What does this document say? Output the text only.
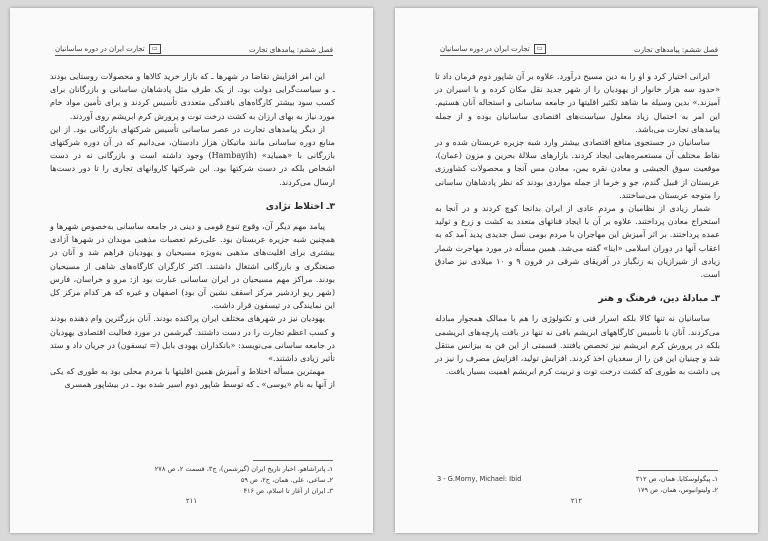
فصل ششم: پیامدهای تجارت
▭
تجارت ایران در دوره ساسانیان

این امر افزایش تقاضا در شهرها ـ که بازار خرید کالاها و محصولات روستایی بودند ـ و سیاست‌گرایی دولت بود. از یک طرف مثل پادشاهان ساسانی و بازرگانان برای کسب سود بیشتر کارگاه‌های بافندگی متعددی تأسیس کردند و برای تأمین مواد خام مورد نیاز به بهای ارزان به کشت درخت توت و پرورش کرم ابریشم روی آوردند.

از دیگر پیامدهای تجارت در عصر ساسانی تأسیس شرکتهای بازرگانی بود. از این منابع دوره ساسانی مانند ماتیکان هزار دادستان، می‌دانیم که در آن دوره شرکتهای بازرگانی با «همباید» (Hambayih) وجود داشته است و بازرگانی نه در دست اشخاص بلکه در دست شرکتها بود. این شرکتها کاروانهای تجاری را تا دور دست‌ها ارسال می‌کردند.

۳ـ اختلاط نژادی

پیامد مهم دیگر آن، وقوع تنوع قومی و دینی در جامعه ساسانی به‌خصوص شهرها و همچنین شبه جزیره عربستان بود. علی‌رغم تعصبات مذهبی موبدان در شهرها آزادی بیشتری برای اقلیت‌های مذهبی به‌ویژه مسیحیان و یهودیان فراهم شد و آنان در صنعتگری و بازرگانی اشتغال داشتند. اکثر کارگران کارگاه‌های شاهی از مسیحیان بودند. مراکز مهم مسیحیان در ایران ساسانی عبارت بود از: مرو و خراسان، فارس (شهر ریو اردشیر مرکز اسقف نشین آن بود) اصفهان و غیره که هر کدام مرکز کل این نمایندگی در تیسفون قرار داشت.

یهودیان نیز در شهرهای مختلف ایران پراکنده بودند. آنان بزرگترین وام دهنده بودند و کسب اعظم تجارت را در دست داشتند. گیرشمن در مورد فعالیت اقتصادی یهودیان در جامعه ساسانی می‌نویسد: «بانکداران یهودی بابل (= تیسفون) در جریان داد و ستد تأثیر زیادی داشتند.»

مهمترین مسأله اختلاط و آمیزش همین اقلیتها با مردم محلی بود به طوری که یکی از آنها به نام «یوسی» ـ که توسط شاپور دوم اسیر شده بود ـ در بیشاپور همسری

۱ـ پاتراشاهو. اخبار تاریخ ایران (گیرشمن)، ج۳، قسمت ۲، ص ۲۷۸
۲ـ ساعی، علی. همان، ج۲، ص ۵۹
۳ـ ایران از آغاز تا اسلام، ص ۴۱۶
۲۱۱
فصل ششم: پیامدهای تجارت
▭
تجارت ایران در دوره ساسانیان

ایرانی اختیار کرد و او را به دین مسیح درآورد. علاوه بر آن شاپور دوم فرمان داد تا «حدود سه هزار خانوار از یهودیان را از شهر جدید نقل مکان کرده و با اسیران در آمیزند.» بدین وسیله ما شاهد تکثیر اقلیتها در جامعه ساسانی و استحاله آنان هستیم. این امر به احتمال زیاد معلول سیاست‌های اقتصادی ساسانیان بوده و از جمله پیامدهای تجارت می‌باشد.

ساسانیان در جستجوی منافع اقتصادی بیشتر وارد شبه جزیره عربستان شده و در نقاط مختلف آن مستعمره‌هایی ایجاد کردند. بازارهای سلالهٔ بحرین و مزون (عمان)، موقعیت سوق الجیشی و معادن نقره یمن، معادن مس آنجا و محصولات کشاورزی عربستان از قبیل گندم، جو و خرما از جمله مواردی بودند که نظر پادشاهان ساسانی را متوجه عربستان می‌ساختند.

شمار زیادی از نظامیان و مردم عادی از ایران بدانجا کوچ کردند و در آنجا به استخراج معادن پرداختند. علاوه بر آن با ایجاد قناتهای متعدد به کشت و زرع و تولید عمده پرداختند. بر اثر آمیزش این مهاجران با مردم بومی نسل جدیدی پدید آمد که به اعقاب آنها در دوران اسلامی «ابنا» گفته می‌شد. همین مسأله در مورد مهاجرت شمار زیادی از شیرازیان به زنگبار در آفریقای شرقی در قرون ۹ و ۱۰ میلادی نیز صادق است.

۳ـ مبادلهٔ دین، فرهنگ و هنر

ساسانیان نه تنها کالا بلکه اسرار فنی و تکنولوژی را هم با ممالک همجوار مبادله می‌کردند. آنان با تأسیس کارگاههای ابریشم بافی نه تنها در بافت پارچه‌های ابریشمی بلکه در پرورش کرم ابریشم نیز تخصص یافتند. قسمتی از این فن به بیزانس منتقل شد و چینیان این فن را از سغدیان اخذ کردند. افزایش تولید، افزایش مصرف را نیز در پی داشت به طوری که کشت درخت توت و تربیت کرم ابریشم اهمیت بسیار یافت.

۱ـ پیگولوسکایا. همان، ص ۳۱۲
3 - G.Morny, Michael: Ibid
۲ـ ولیتوانیوس، همان، ص ۱۷۹
۲۱۲
